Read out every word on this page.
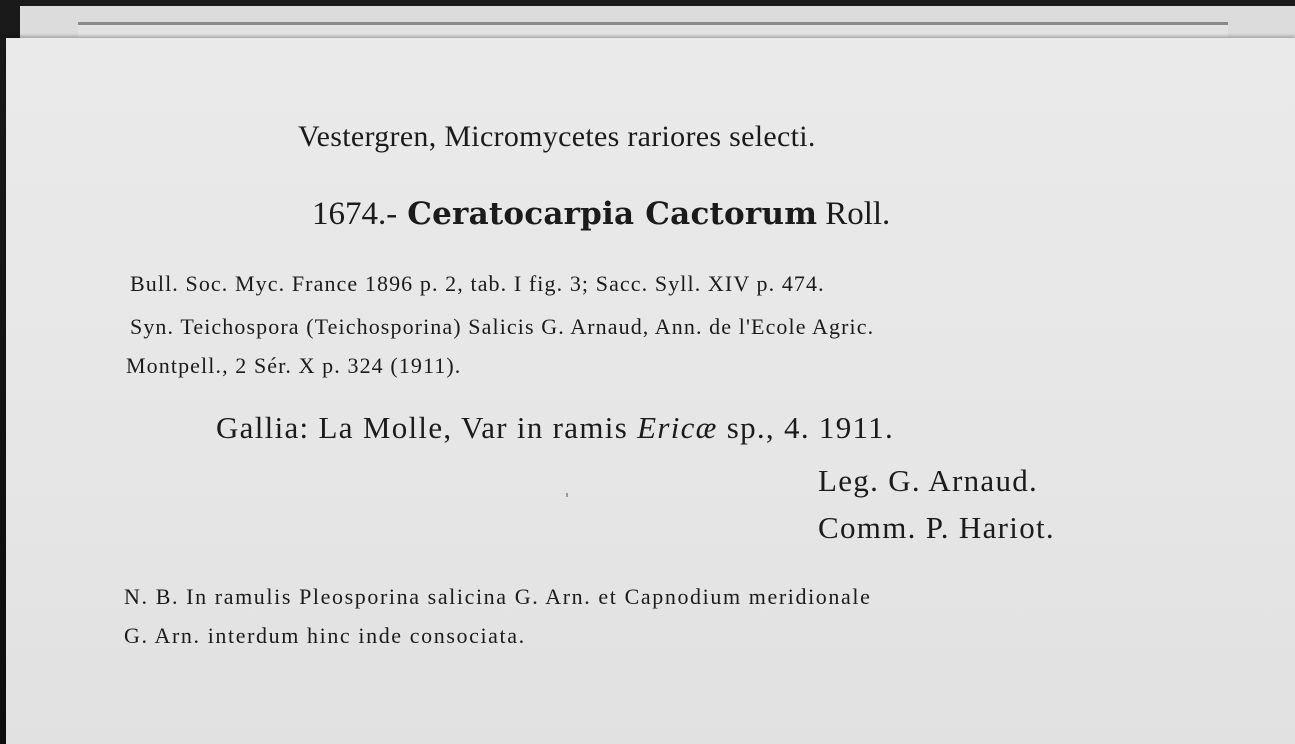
Vestergren, Micromycetes rariores selecti.
1674.- Ceratocarpia Cactorum Roll.
Bull. Soc. Myc. France 1896 p. 2, tab. I fig. 3; Sacc. Syll. XIV p. 474.
Syn. Teichospora (Teichosporina) Salicis G. Arnaud, Ann. de l'Ecole Agric.
Montpell., 2 Sér. X p. 324 (1911).
Gallia: La Molle, Var in ramis Ericæ sp., 4. 1911.
Leg. G. Arnaud.
Comm. P. Hariot.
N. B. In ramulis Pleosporina salicina G. Arn. et Capnodium meridionale
G. Arn. interdum hinc inde consociata.
